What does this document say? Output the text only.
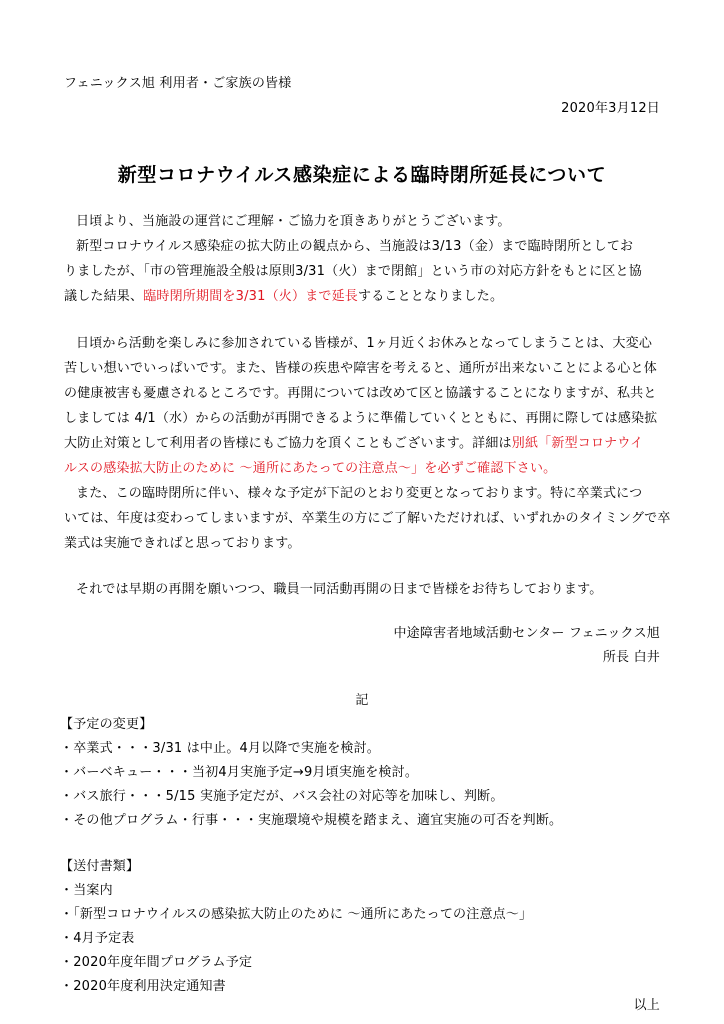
フェニックス旭 利用者・ご家族の皆様
2020年3月12日
新型コロナウイルス感染症による臨時閉所延長について
日頃より、当施設の運営にご理解・ご協力を頂きありがとうございます。
新型コロナウイルス感染症の拡大防止の観点から、当施設は3/13（金）まで臨時閉所としてお
りましたが、「市の管理施設全般は原則3/31（火）まで閉館」という市の対応方針をもとに区と協
議した結果、臨時閉所期間を3/31（火）まで延長することとなりました。
日頃から活動を楽しみに参加されている皆様が、1ヶ月近くお休みとなってしまうことは、大変心
苦しい想いでいっぱいです。また、皆様の疾患や障害を考えると、通所が出来ないことによる心と体
の健康被害も憂慮されるところです。再開については改めて区と協議することになりますが、私共と
しましては 4/1（水）からの活動が再開できるように準備していくとともに、再開に際しては感染拡
大防止対策として利用者の皆様にもご協力を頂くこともございます。詳細は別紙「新型コロナウイ
ルスの感染拡大防止のために ～通所にあたっての注意点～」を必ずご確認下さい。
また、この臨時閉所に伴い、様々な予定が下記のとおり変更となっております。特に卒業式につ
いては、年度は変わってしまいますが、卒業生の方にご了解いただければ、いずれかのタイミングで卒
業式は実施できればと思っております。
それでは早期の再開を願いつつ、職員一同活動再開の日まで皆様をお待ちしております。
中途障害者地域活動センター フェニックス旭
所長 白井
記
【予定の変更】
・卒業式・・・3/31 は中止。4月以降で実施を検討。
・バーベキュー・・・当初4月実施予定→9月頃実施を検討。
・バス旅行・・・5/15 実施予定だが、バス会社の対応等を加味し、判断。
・その他プログラム・行事・・・実施環境や規模を踏まえ、適宜実施の可否を判断。
【送付書類】
・当案内
・「新型コロナウイルスの感染拡大防止のために ～通所にあたっての注意点～」
・4月予定表
・2020年度年間プログラム予定
・2020年度利用決定通知書
以上
